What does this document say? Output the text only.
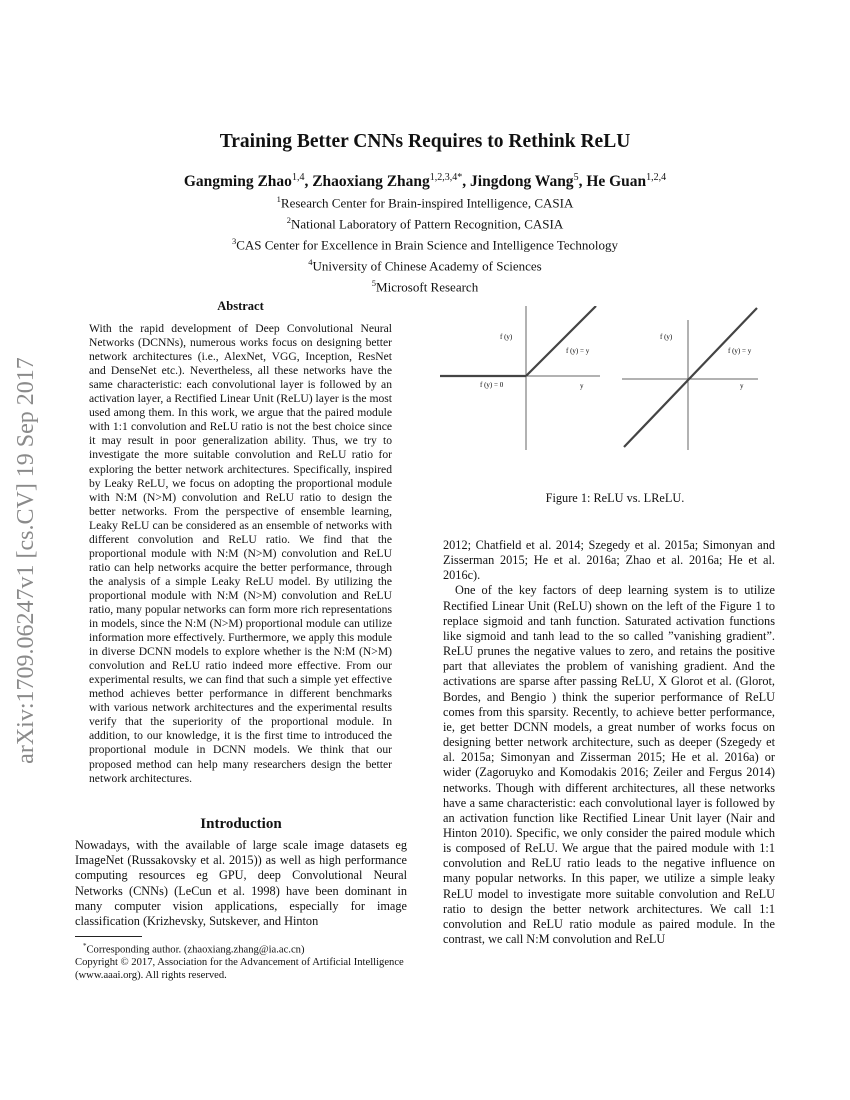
arXiv:1709.06247v1 [cs.CV] 19 Sep 2017
Training Better CNNs Requires to Rethink ReLU
Gangming Zhao$^{1,4}$, Zhaoxiang Zhang$^{1,2,3,4*}$, Jingdong Wang$^5$, He Guan$^{1,2,4}$
$^1$Research Center for Brain-inspired Intelligence, CASIA
$^2$National Laboratory of Pattern Recognition, CASIA
$^3$CAS Center for Excellence in Brain Science and Intelligence Technology
$^4$University of Chinese Academy of Sciences
$^5$Microsoft Research
Abstract

With the rapid development of Deep Convolutional Neural Networks (DCNNs), numerous works focus on designing better network architectures (i.e., AlexNet, VGG, Inception, ResNet and DenseNet etc.). Nevertheless, all these networks have the same characteristic: each convolutional layer is followed by an activation layer, a Rectified Linear Unit (ReLU) layer is the most used among them. In this work, we argue that the paired module with 1:1 convolution and ReLU ratio is not the best choice since it may result in poor generalization ability. Thus, we try to investigate the more suitable convolution and ReLU ratio for exploring the better network architectures. Specifically, inspired by Leaky ReLU, we focus on adopting the proportional module with N:M (N>M) convolution and ReLU ratio to design the better networks. From the perspective of ensemble learning, Leaky ReLU can be considered as an ensemble of networks with different convolution and ReLU ratio. We find that the proportional module with N:M (N>M) convolution and ReLU ratio can help networks acquire the better performance, through the analysis of a simple Leaky ReLU model. By utilizing the proportional module with N:M (N>M) convolution and ReLU ratio, many popular networks can form more rich representations in models, since the N:M (N>M) proportional module can utilize information more effectively. Furthermore, we apply this module in diverse DCNN models to explore whether is the N:M (N>M) convolution and ReLU ratio indeed more effective. From our experimental results, we can find that such a simple yet effective method achieves better performance in different benchmarks with various network architectures and the experimental results verify that the superiority of the proportional module. In addition, to our knowledge, it is the first time to introduced the proportional module in DCNN models. We think that our proposed method can help many researchers design the better network architectures.

Introduction

Nowadays, with the available of large scale image datasets eg ImageNet (Russakovsky et al. 2015)) as well as high performance computing resources eg GPU, deep Convolutional Neural Networks (CNNs) (LeCun et al. 1998) have been dominant in many computer vision applications, especially for image classification (Krizhevsky, Sutskever, and Hinton

*Corresponding author. (zhaoxiang.zhang@ia.ac.cn)
Copyright © 2017, Association for the Advancement of Artificial Intelligence (www.aaai.org). All rights reserved.
f (y)
f (y) = y
f (y) = 0	y
f (y)
f (y) = y
y
Figure 1: ReLU vs. LReLU.

2012; Chatfield et al. 2014; Szegedy et al. 2015a; Simonyan and Zisserman 2015; He et al. 2016a; Zhao et al. 2016a; He et al. 2016c).

One of the key factors of deep learning system is to utilize Rectified Linear Unit (ReLU) shown on the left of the Figure 1 to replace sigmoid and tanh function. Saturated activation functions like sigmoid and tanh lead to the so called ”vanishing gradient”. ReLU prunes the negative values to zero, and retains the positive part that alleviates the problem of vanishing gradient. And the activations are sparse after passing ReLU, X Glorot et al. (Glorot, Bordes, and Bengio ) think the superior performance of ReLU comes from this sparsity. Recently, to achieve better performance, ie, get better DCNN models, a great number of works focus on designing better network architecture, such as deeper (Szegedy et al. 2015a; Simonyan and Zisserman 2015; He et al. 2016a) or wider (Zagoruyko and Komodakis 2016; Zeiler and Fergus 2014) networks. Though with different architectures, all these networks have a same characteristic: each convolutional layer is followed by an activation function like Rectified Linear Unit layer (Nair and Hinton 2010). Specific, we only consider the paired module which is composed of ReLU. We argue that the paired module with 1:1 convolution and ReLU ratio leads to the negative influence on many popular networks. In this paper, we utilize a simple leaky ReLU model to investigate more suitable convolution and ReLU ratio to design the better network architectures. We call 1:1 convolution and ReLU ratio module as paired module. In the contrast, we call N:M convolution and ReLU
